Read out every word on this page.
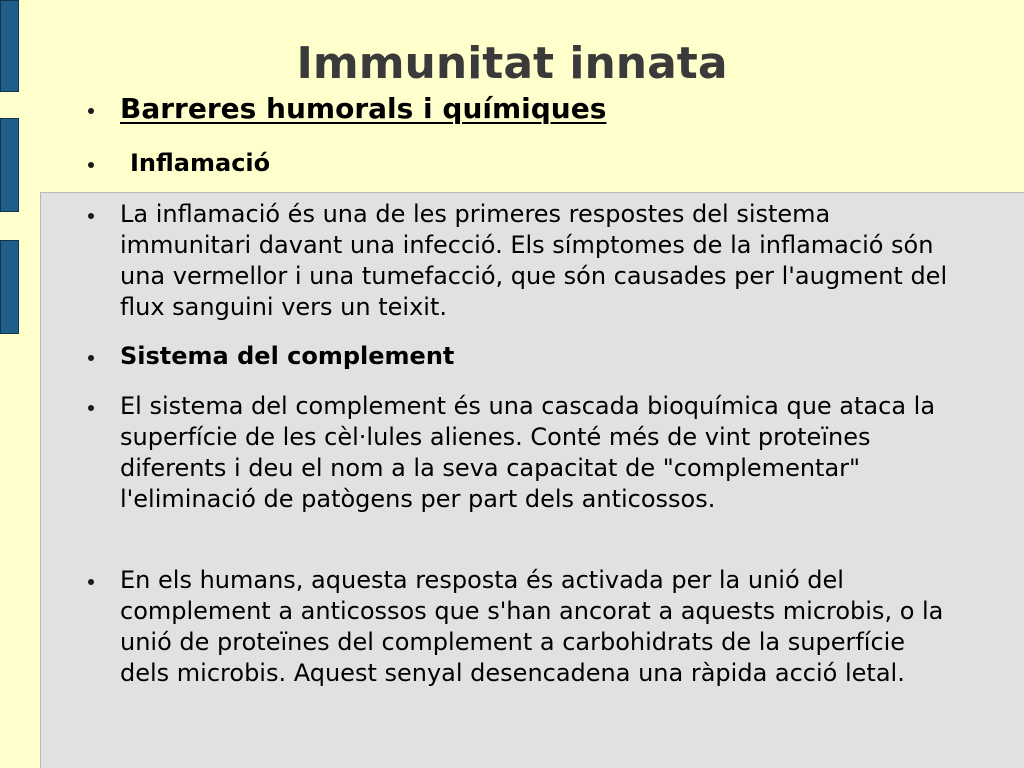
Immunitat innata
Barreres humorals i químiques
Inflamació
La inflamació és una de les primeres respostes del sistema immunitari davant una infecció. Els símptomes de la inflamació són una vermellor i una tumefacció, que són causades per l'augment del flux sanguini vers un teixit.
Sistema del complement
El sistema del complement és una cascada bioquímica que ataca la superfície de les cèl·lules alienes. Conté més de vint proteïnes diferents i deu el nom a la seva capacitat de "complementar" l'eliminació de patògens per part dels anticossos.
En els humans, aquesta resposta és activada per la unió del complement a anticossos que s'han ancorat a aquests microbis, o la unió de proteïnes del complement a carbohidrats de la superfície dels microbis. Aquest senyal desencadena una ràpida acció letal.
